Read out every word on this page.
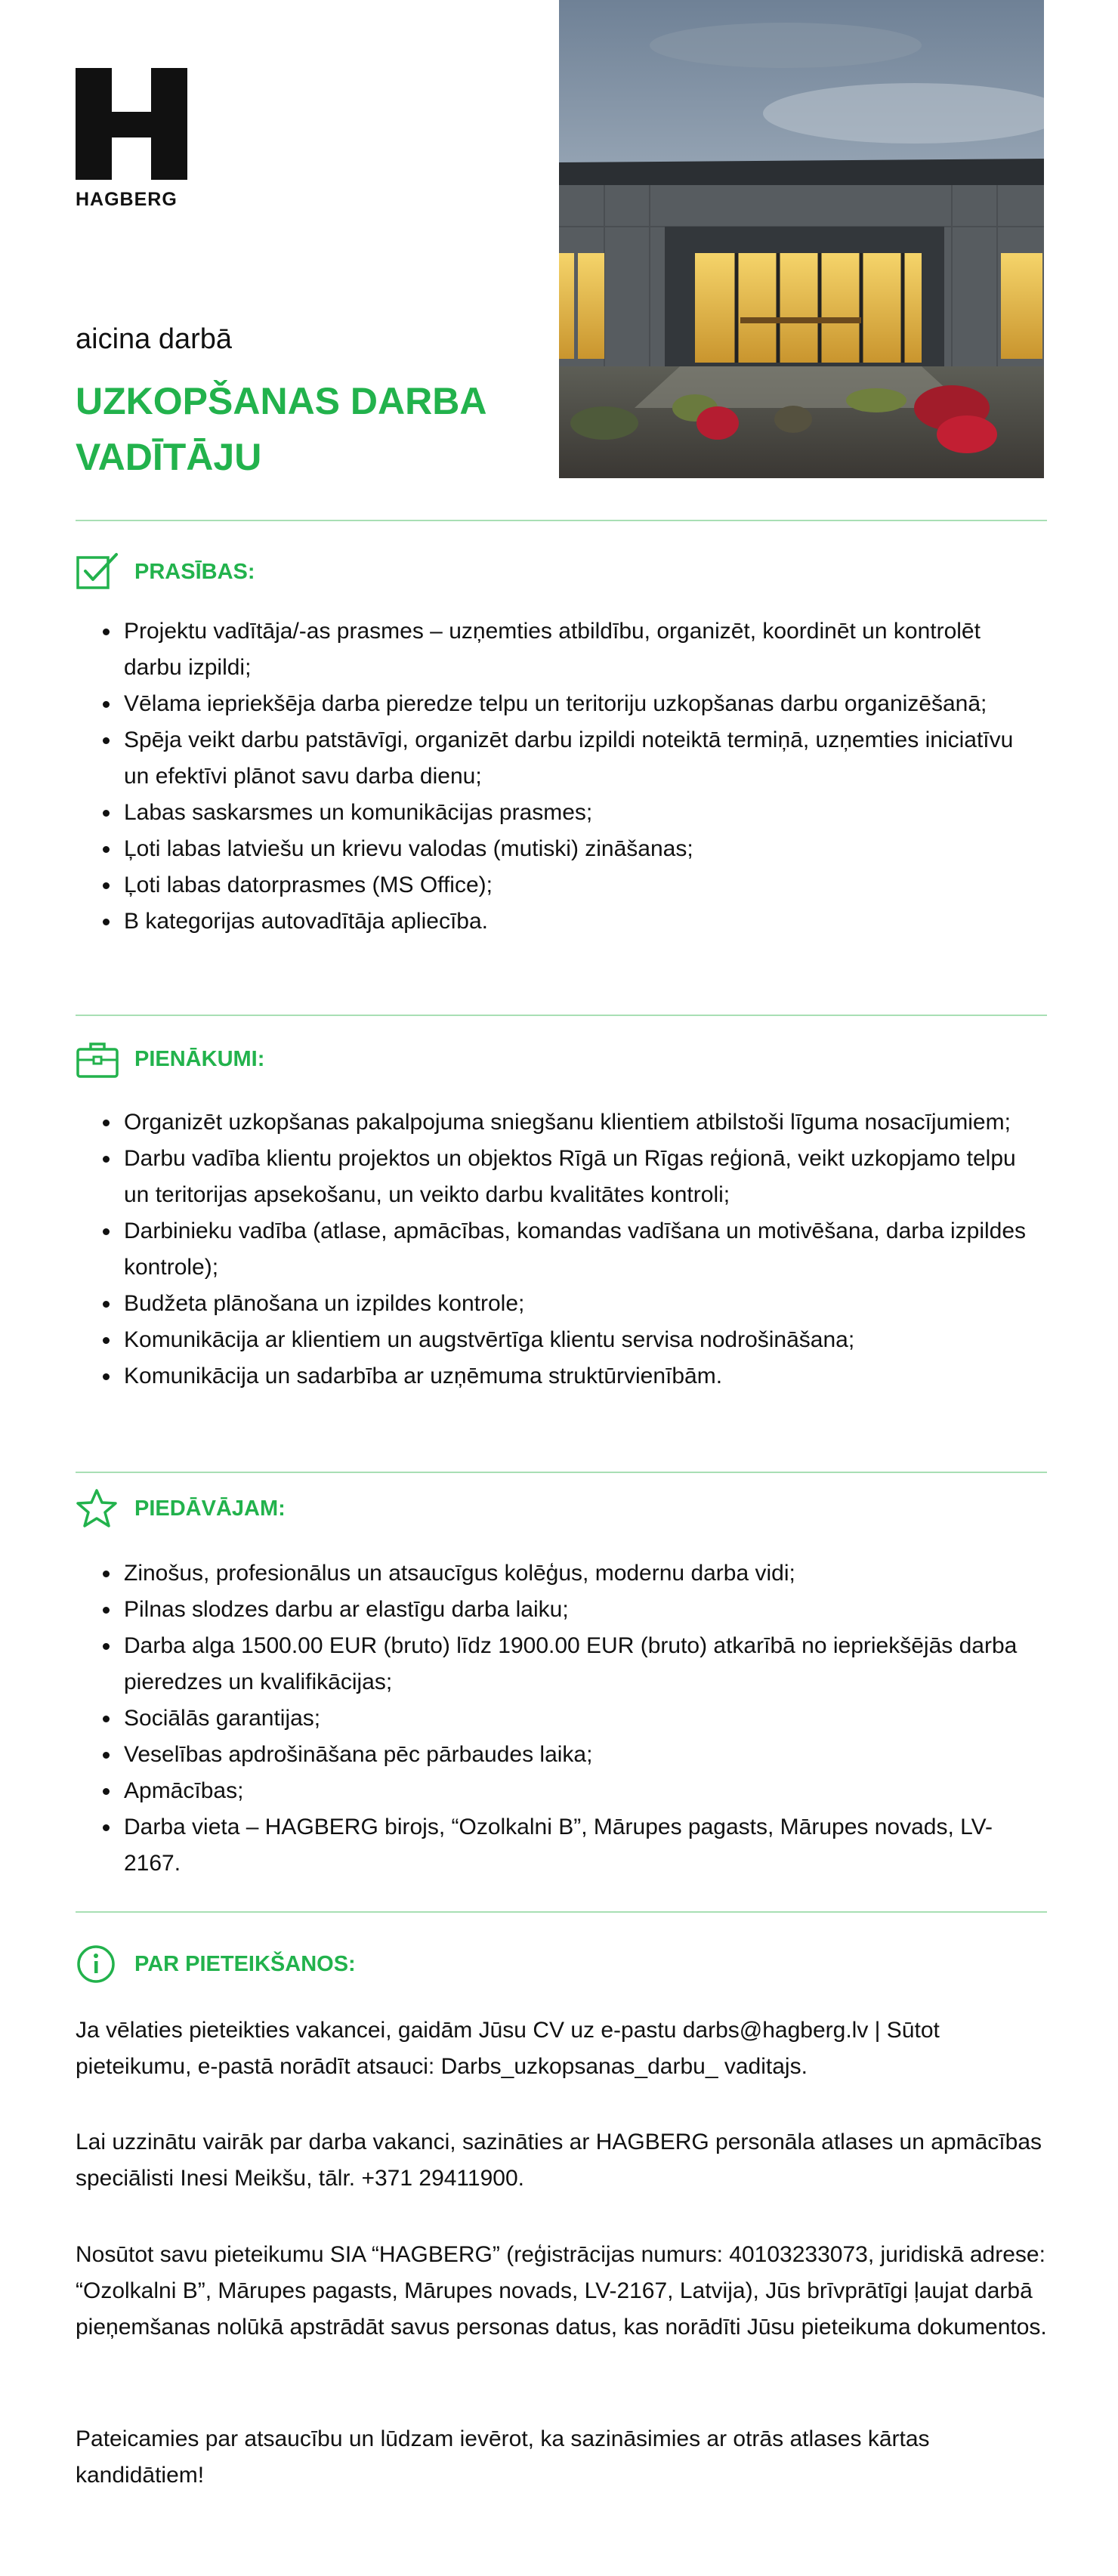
HAGBERG
aicina darbā
UZKOPŠANAS DARBA
VADĪTĀJU
PRASĪBAS:
• Projektu vadītāja/-as prasmes – uzņemties atbildību, organizēt, koordinēt un kontrolēt darbu izpildi;
• Vēlama iepriekšēja darba pieredze telpu un teritoriju uzkopšanas darbu organizēšanā;
• Spēja veikt darbu patstāvīgi, organizēt darbu izpildi noteiktā termiņā, uzņemties iniciatīvu un efektīvi plānot savu darba dienu;
• Labas saskarsmes un komunikācijas prasmes;
• Ļoti labas latviešu un krievu valodas (mutiski) zināšanas;
• Ļoti labas datorprasmes (MS Office);
• B kategorijas autovadītāja apliecība.
PIENĀKUMI:
• Organizēt uzkopšanas pakalpojuma sniegšanu klientiem atbilstoši līguma nosacījumiem;
• Darbu vadība klientu projektos un objektos Rīgā un Rīgas reģionā, veikt uzkopjamo telpu un teritorijas apsekošanu, un veikto darbu kvalitātes kontroli;
• Darbinieku vadība (atlase, apmācības, komandas vadīšana un motivēšana, darba izpildes kontrole);
• Budžeta plānošana un izpildes kontrole;
• Komunikācija ar klientiem un augstvērtīga klientu servisa nodrošināšana;
• Komunikācija un sadarbība ar uzņēmuma struktūrvienībām.
PIEDĀVĀJAM:
• Zinošus, profesionālus un atsaucīgus kolēģus, modernu darba vidi;
• Pilnas slodzes darbu ar elastīgu darba laiku;
• Darba alga 1500.00 EUR (bruto) līdz 1900.00 EUR (bruto) atkarībā no iepriekšējās darba pieredzes un kvalifikācijas;
• Sociālās garantijas;
• Veselības apdrošināšana pēc pārbaudes laika;
• Apmācības;
• Darba vieta – HAGBERG birojs, “Ozolkalni B”, Mārupes pagasts, Mārupes novads, LV-2167.
PAR PIETEIKŠANOS:

Ja vēlaties pieteikties vakancei, gaidām Jūsu CV uz e-pastu darbs@hagberg.lv | Sūtot pieteikumu, e-pastā norādīt atsauci: Darbs_uzkopsanas_darbu_ vaditajs.

Lai uzzinātu vairāk par darba vakanci, sazināties ar HAGBERG personāla atlases un apmācības speciālisti Inesi Meikšu, tālr. +371 29411900.

Nosūtot savu pieteikumu SIA “HAGBERG” (reģistrācijas numurs: 40103233073, juridiskā adrese: “Ozolkalni B”, Mārupes pagasts, Mārupes novads, LV-2167, Latvija), Jūs brīvprātīgi ļaujat darbā pieņemšanas nolūkā apstrādāt savus personas datus, kas norādīti Jūsu pieteikuma dokumentos.

Pateicamies par atsaucību un lūdzam ievērot, ka sazināsimies ar otrās atlases kārtas kandidātiem!
